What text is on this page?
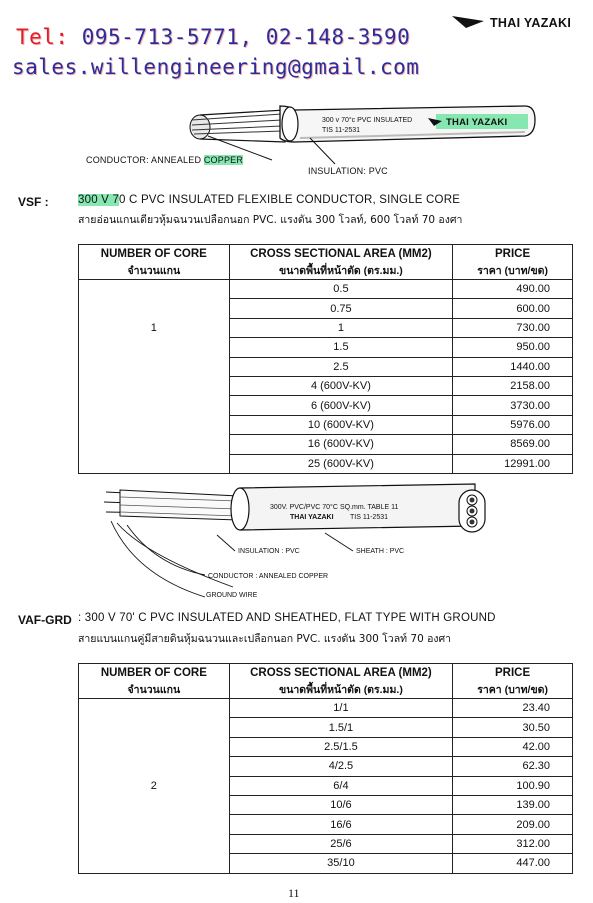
Tel: 095-713-5771, 02-148-3590
sales.willengineering@gmail.com
THAI YAZAKI
300 v 70°c PVC INSULATED
TIS 11-2531
THAI YAZAKI
CONDUCTOR: ANNEALED COPPER
INSULATION: PVC
VSF :	300 V 70 C PVC INSULATED FLEXIBLE CONDUCTOR, SINGLE CORE
สายอ่อนแกนเดียวหุ้มฉนวนเปลือกนอก PVC. แรงดัน 300 โวลท์, 600 โวลท์ 70 องศา
NUMBER OF CORE	CROSS SECTIONAL AREA (MM2)	PRICE
จำนวนแกน	ขนาดพื้นที่หน้าตัด (ตร.มม.)	ราคา (บาท/ขด)
	0.5	490.00
	0.75	600.00
1	1	730.00
	1.5	950.00
	2.5	1440.00
	4 (600V-KV)	2158.00
	6 (600V-KV)	3730.00
	10 (600V-KV)	5976.00
	16 (600V-KV)	8569.00
	25 (600V-KV)	12991.00
300V. PVC/PVC 70°C SQ.mm. TABLE 11
THAI YAZAKI TIS 11-2531
INSULATION : PVC	SHEATH : PVC
CONDUCTOR : ANNEALED COPPER
GROUND WIRE
VAF-GRD : 300 V 70' C PVC INSULATED AND SHEATHED, FLAT TYPE WITH GROUND
สายแบนแกนคู่มีสายดินหุ้มฉนวนและเปลือกนอก PVC. แรงดัน 300 โวลท์ 70 องศา
NUMBER OF CORE	CROSS SECTIONAL AREA (MM2)	PRICE
จำนวนแกน	ขนาดพื้นที่หน้าตัด (ตร.มม.)	ราคา (บาท/ขด)
	1/1	23.40
	1.5/1	30.50
	2.5/1.5	42.00
	4/2.5	62.30
2	6/4	100.90
	10/6	139.00
	16/6	209.00
	25/6	312.00
	35/10	447.00
11
